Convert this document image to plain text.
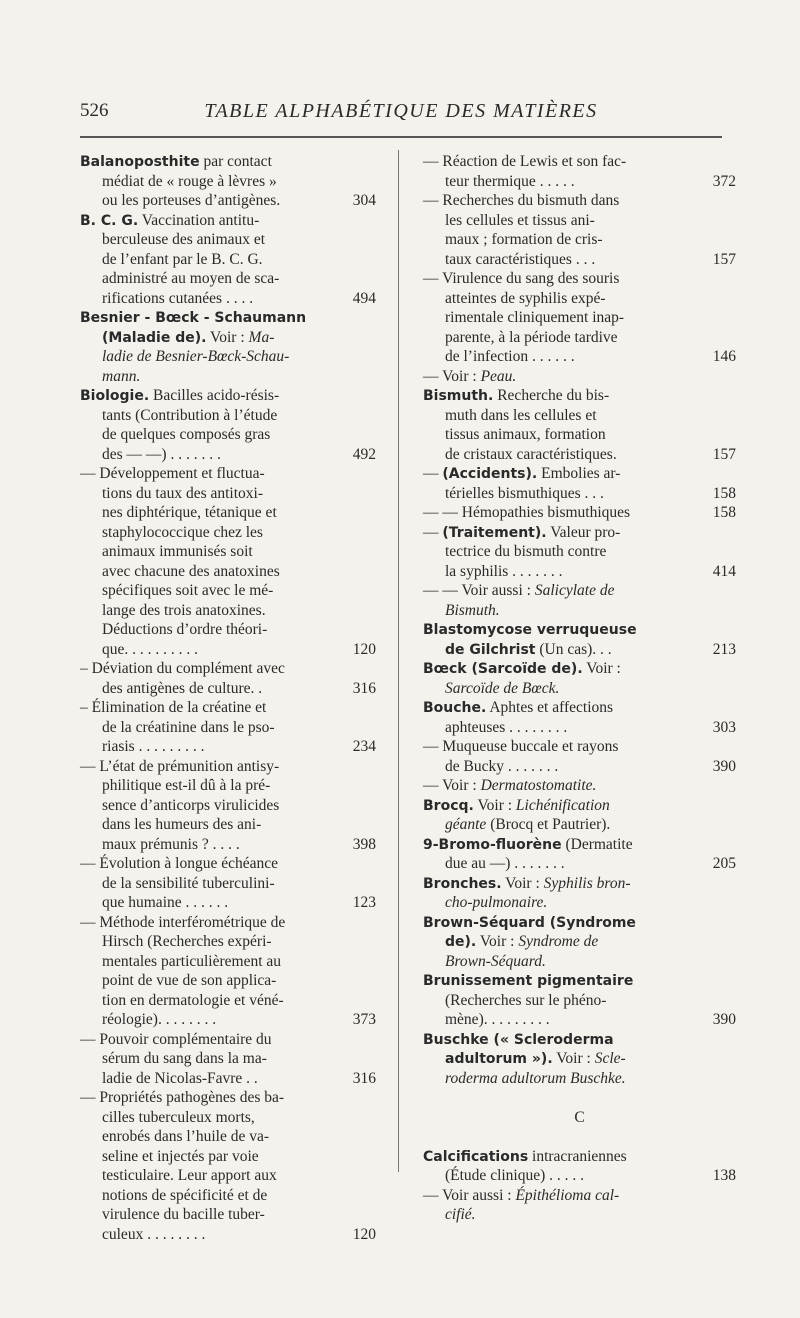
526	TABLE ALPHABÉTIQUE DES MATIÈRES
Balanoposthite par contact
médiat de « rouge à lèvres »
ou les porteuses d’antigènes.	304
B. C. G. Vaccination antitu-
berculeuse des animaux et
de l’enfant par le B. C. G.
administré au moyen de sca-
rifications cutanées . . . .	494
Besnier - Bœck - Schaumann
(Maladie de). Voir : Ma-
ladie de Besnier-Bœck-Schau-
mann.
Biologie. Bacilles acido-résis-
tants (Contribution à l’étude
de quelques composés gras
des — —) . . . . . . .	492
— Développement et fluctua-
tions du taux des antitoxi-
nes diphtérique, tétanique et
staphylococcique chez les
animaux immunisés soit
avec chacune des anatoxines
spécifiques soit avec le mé-
lange des trois anatoxines.
Déductions d’ordre théori-
que. . . . . . . . . .	120
– Déviation du complément avec
des antigènes de culture. .	316
– Élimination de la créatine et
de la créatinine dans le pso-
riasis . . . . . . . . .	234
— L’état de prémunition antisy-
philitique est-il dû à la pré-
sence d’anticorps virulicides
dans les humeurs des ani-
maux prémunis ? . . . .	398
— Évolution à longue échéance
de la sensibilité tuberculini-
que humaine . . . . . .	123
— Méthode interférométrique de
Hirsch (Recherches expéri-
mentales particulièrement au
point de vue de son applica-
tion en dermatologie et véné-
réologie). . . . . . . .	373
— Pouvoir complémentaire du
sérum du sang dans la ma-
ladie de Nicolas-Favre . .	316
— Propriétés pathogènes des ba-
cilles tuberculeux morts,
enrobés dans l’huile de va-
seline et injectés par voie
testiculaire. Leur apport aux
notions de spécificité et de
virulence du bacille tuber-
culeux . . . . . . . .	120
— Réaction de Lewis et son fac-
teur thermique . . . . .	372
— Recherches du bismuth dans
les cellules et tissus ani-
maux ; formation de cris-
taux caractéristiques . . .	157
— Virulence du sang des souris
atteintes de syphilis expé-
rimentale cliniquement inap-
parente, à la période tardive
de l’infection . . . . . .	146
— Voir : Peau.
Bismuth. Recherche du bis-
muth dans les cellules et
tissus animaux, formation
de cristaux caractéristiques.	157
— (Accidents). Embolies ar-
térielles bismuthiques . . .	158
— — Hémopathies bismuthiques	158
— (Traitement). Valeur pro-
tectrice du bismuth contre
la syphilis . . . . . . .	414
— — Voir aussi : Salicylate de
Bismuth.
Blastomycose verruqueuse
de Gilchrist (Un cas). . .	213
Bœck (Sarcoïde de). Voir :
Sarcoïde de Bœck.
Bouche. Aphtes et affections
aphteuses . . . . . . . .	303
— Muqueuse buccale et rayons
de Bucky . . . . . . .	390
— Voir : Dermatostomatite.
Brocq. Voir : Lichénification
géante (Brocq et Pautrier).
9-Bromo-fluorène (Dermatite
due au —) . . . . . . .	205
Bronches. Voir : Syphilis bron-
cho-pulmonaire.
Brown-Séquard (Syndrome
de). Voir : Syndrome de
Brown-Séquard.
Brunissement pigmentaire
(Recherches sur le phéno-
mène). . . . . . . . .	390
Buschke (« Scleroderma
adultorum »). Voir : Scle-
roderma adultorum Buschke.
C
Calcifications intracraniennes
(Étude clinique) . . . . .	138
— Voir aussi : Épithélioma cal-
cifié.
